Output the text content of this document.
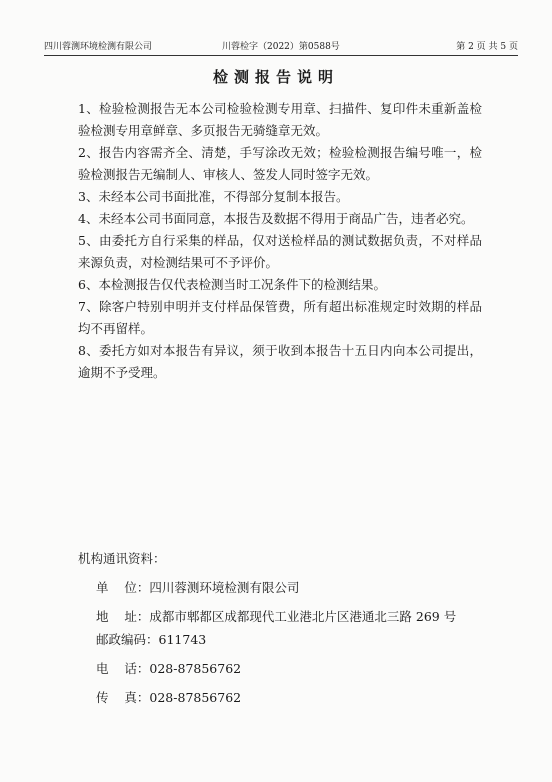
四川蓉测环境检测有限公司	川蓉检字（2022）第0588号	第 2 页 共 5 页
检测报告说明
1、检验检测报告无本公司检验检测专用章、扫描件、复印件未重新盖检验检测专用章鲜章、多页报告无骑缝章无效。
2、报告内容需齐全、清楚，手写涂改无效；检验检测报告编号唯一，检验检测报告无编制人、审核人、签发人同时签字无效。
3、未经本公司书面批准，不得部分复制本报告。
4、未经本公司书面同意，本报告及数据不得用于商品广告，违者必究。
5、由委托方自行采集的样品，仅对送检样品的测试数据负责，不对样品来源负责，对检测结果可不予评价。
6、本检测报告仅代表检测当时工况条件下的检测结果。
7、除客户特别申明并支付样品保管费，所有超出标准规定时效期的样品均不再留样。
8、委托方如对本报告有异议，须于收到本报告十五日内向本公司提出，逾期不予受理。
机构通讯资料：
单    位：四川蓉测环境检测有限公司
地    址：成都市郫都区成都现代工业港北片区港通北三路 269 号
邮政编码：611743
电    话：028-87856762
传    真：028-87856762
